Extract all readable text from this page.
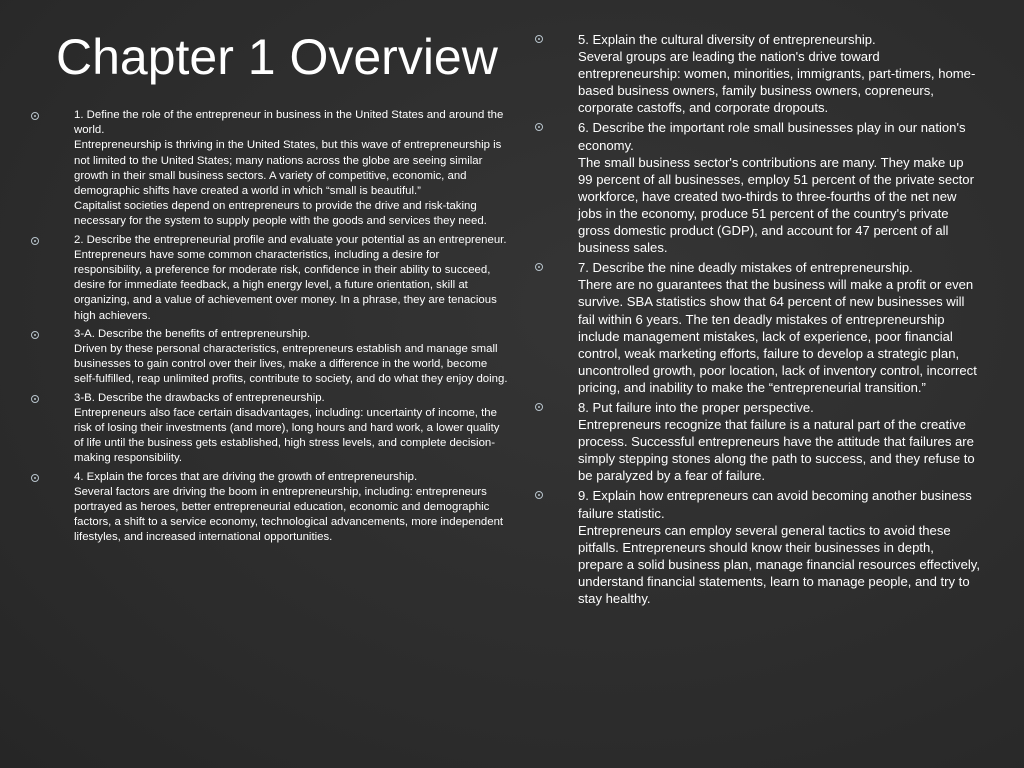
Chapter 1 Overview

1. Define the role of the entrepreneur in business in the United States and around the world.

Entrepreneurship is thriving in the United States, but this wave of entrepreneurship is not limited to the United States; many nations across the globe are seeing similar growth in their small business sectors. A variety of competitive, economic, and demographic shifts have created a world in which “small is beautiful.”

Capitalist societies depend on entrepreneurs to provide the drive and risk-taking necessary for the system to supply people with the goods and services they need.

2. Describe the entrepreneurial profile and evaluate your potential as an entrepreneur.

Entrepreneurs have some common characteristics, including a desire for responsibility, a preference for moderate risk, confidence in their ability to succeed, desire for immediate feedback, a high energy level, a future orientation, skill at organizing, and a value of achievement over money. In a phrase, they are tenacious high achievers.

3-A. Describe the benefits of entrepreneurship.

Driven by these personal characteristics, entrepreneurs establish and manage small businesses to gain control over their lives, make a difference in the world, become self-fulfilled, reap unlimited profits, contribute to society, and do what they enjoy doing.

3-B. Describe the drawbacks of entrepreneurship.

Entrepreneurs also face certain disadvantages, including: uncertainty of income, the risk of losing their investments (and more), long hours and hard work, a lower quality of life until the business gets established, high stress levels, and complete decision-making responsibility.

4. Explain the forces that are driving the growth of entrepreneurship.

Several factors are driving the boom in entrepreneurship, including: entrepreneurs portrayed as heroes, better entrepreneurial education, economic and demographic factors, a shift to a service economy, technological advancements, more independent lifestyles, and increased international opportunities.

5. Explain the cultural diversity of entrepreneurship.

Several groups are leading the nation's drive toward entrepreneurship: women, minorities, immigrants, part-timers, home-based business owners, family business owners, copreneurs, corporate castoffs, and corporate dropouts.

6. Describe the important role small businesses play in our nation's economy.

The small business sector's contributions are many. They make up 99 percent of all businesses, employ 51 percent of the private sector workforce, have created two-thirds to three-fourths of the net new jobs in the economy, produce 51 percent of the country's private gross domestic product (GDP), and account for 47 percent of all business sales.

7. Describe the nine deadly mistakes of entrepreneurship.

There are no guarantees that the business will make a profit or even survive. SBA statistics show that 64 percent of new businesses will fail within 6 years. The ten deadly mistakes of entrepreneurship include management mistakes, lack of experience, poor financial control, weak marketing efforts, failure to develop a strategic plan, uncontrolled growth, poor location, lack of inventory control, incorrect pricing, and inability to make the “entrepreneurial transition.”

8. Put failure into the proper perspective.

Entrepreneurs recognize that failure is a natural part of the creative process. Successful entrepreneurs have the attitude that failures are simply stepping stones along the path to success, and they refuse to be paralyzed by a fear of failure.

9. Explain how entrepreneurs can avoid becoming another business failure statistic.

Entrepreneurs can employ several general tactics to avoid these pitfalls. Entrepreneurs should know their businesses in depth, prepare a solid business plan, manage financial resources effectively, understand financial statements, learn to manage people, and try to stay healthy.
